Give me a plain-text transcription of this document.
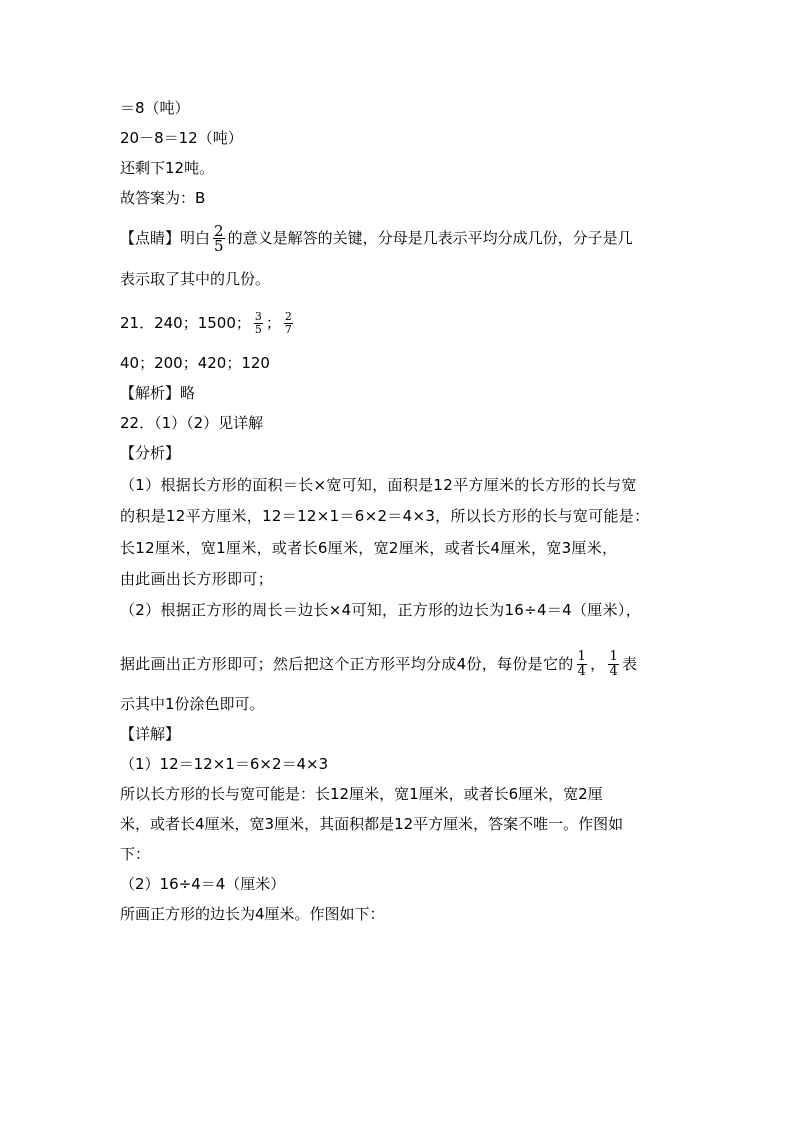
＝8（吨）
20－8＝12（吨）
还剩下12吨。
故答案为：B
【点睛】明白 $\frac{2}{5}$ 的意义是解答的关键，分母是几表示平均分成几份，分子是几
表示取了其中的几份。
21．240；1500； $\frac{3}{5}$ ； $\frac{2}{7}$
40；200；420；120
【解析】略
22．（1）（2）见详解
【分析】
（1）根据长方形的面积＝长×宽可知，面积是12平方厘米的长方形的长与宽
的积是12平方厘米，12＝12×1＝6×2＝4×3，所以长方形的长与宽可能是：
长12厘米，宽1厘米，或者长6厘米，宽2厘米，或者长4厘米，宽3厘米，
由此画出长方形即可；
（2）根据正方形的周长＝边长×4可知，正方形的边长为16÷4＝4（厘米），
据此画出正方形即可；然后把这个正方形平均分成4份，每份是它的 $\frac{1}{4}$ ， $\frac{1}{4}$ 表
示其中1份涂色即可。
【详解】
（1）12＝12×1＝6×2＝4×3
所以长方形的长与宽可能是：长12厘米，宽1厘米，或者长6厘米，宽2厘
米，或者长4厘米，宽3厘米，其面积都是12平方厘米，答案不唯一。作图如
下：
（2）16÷4＝4（厘米）
所画正方形的边长为4厘米。作图如下：
